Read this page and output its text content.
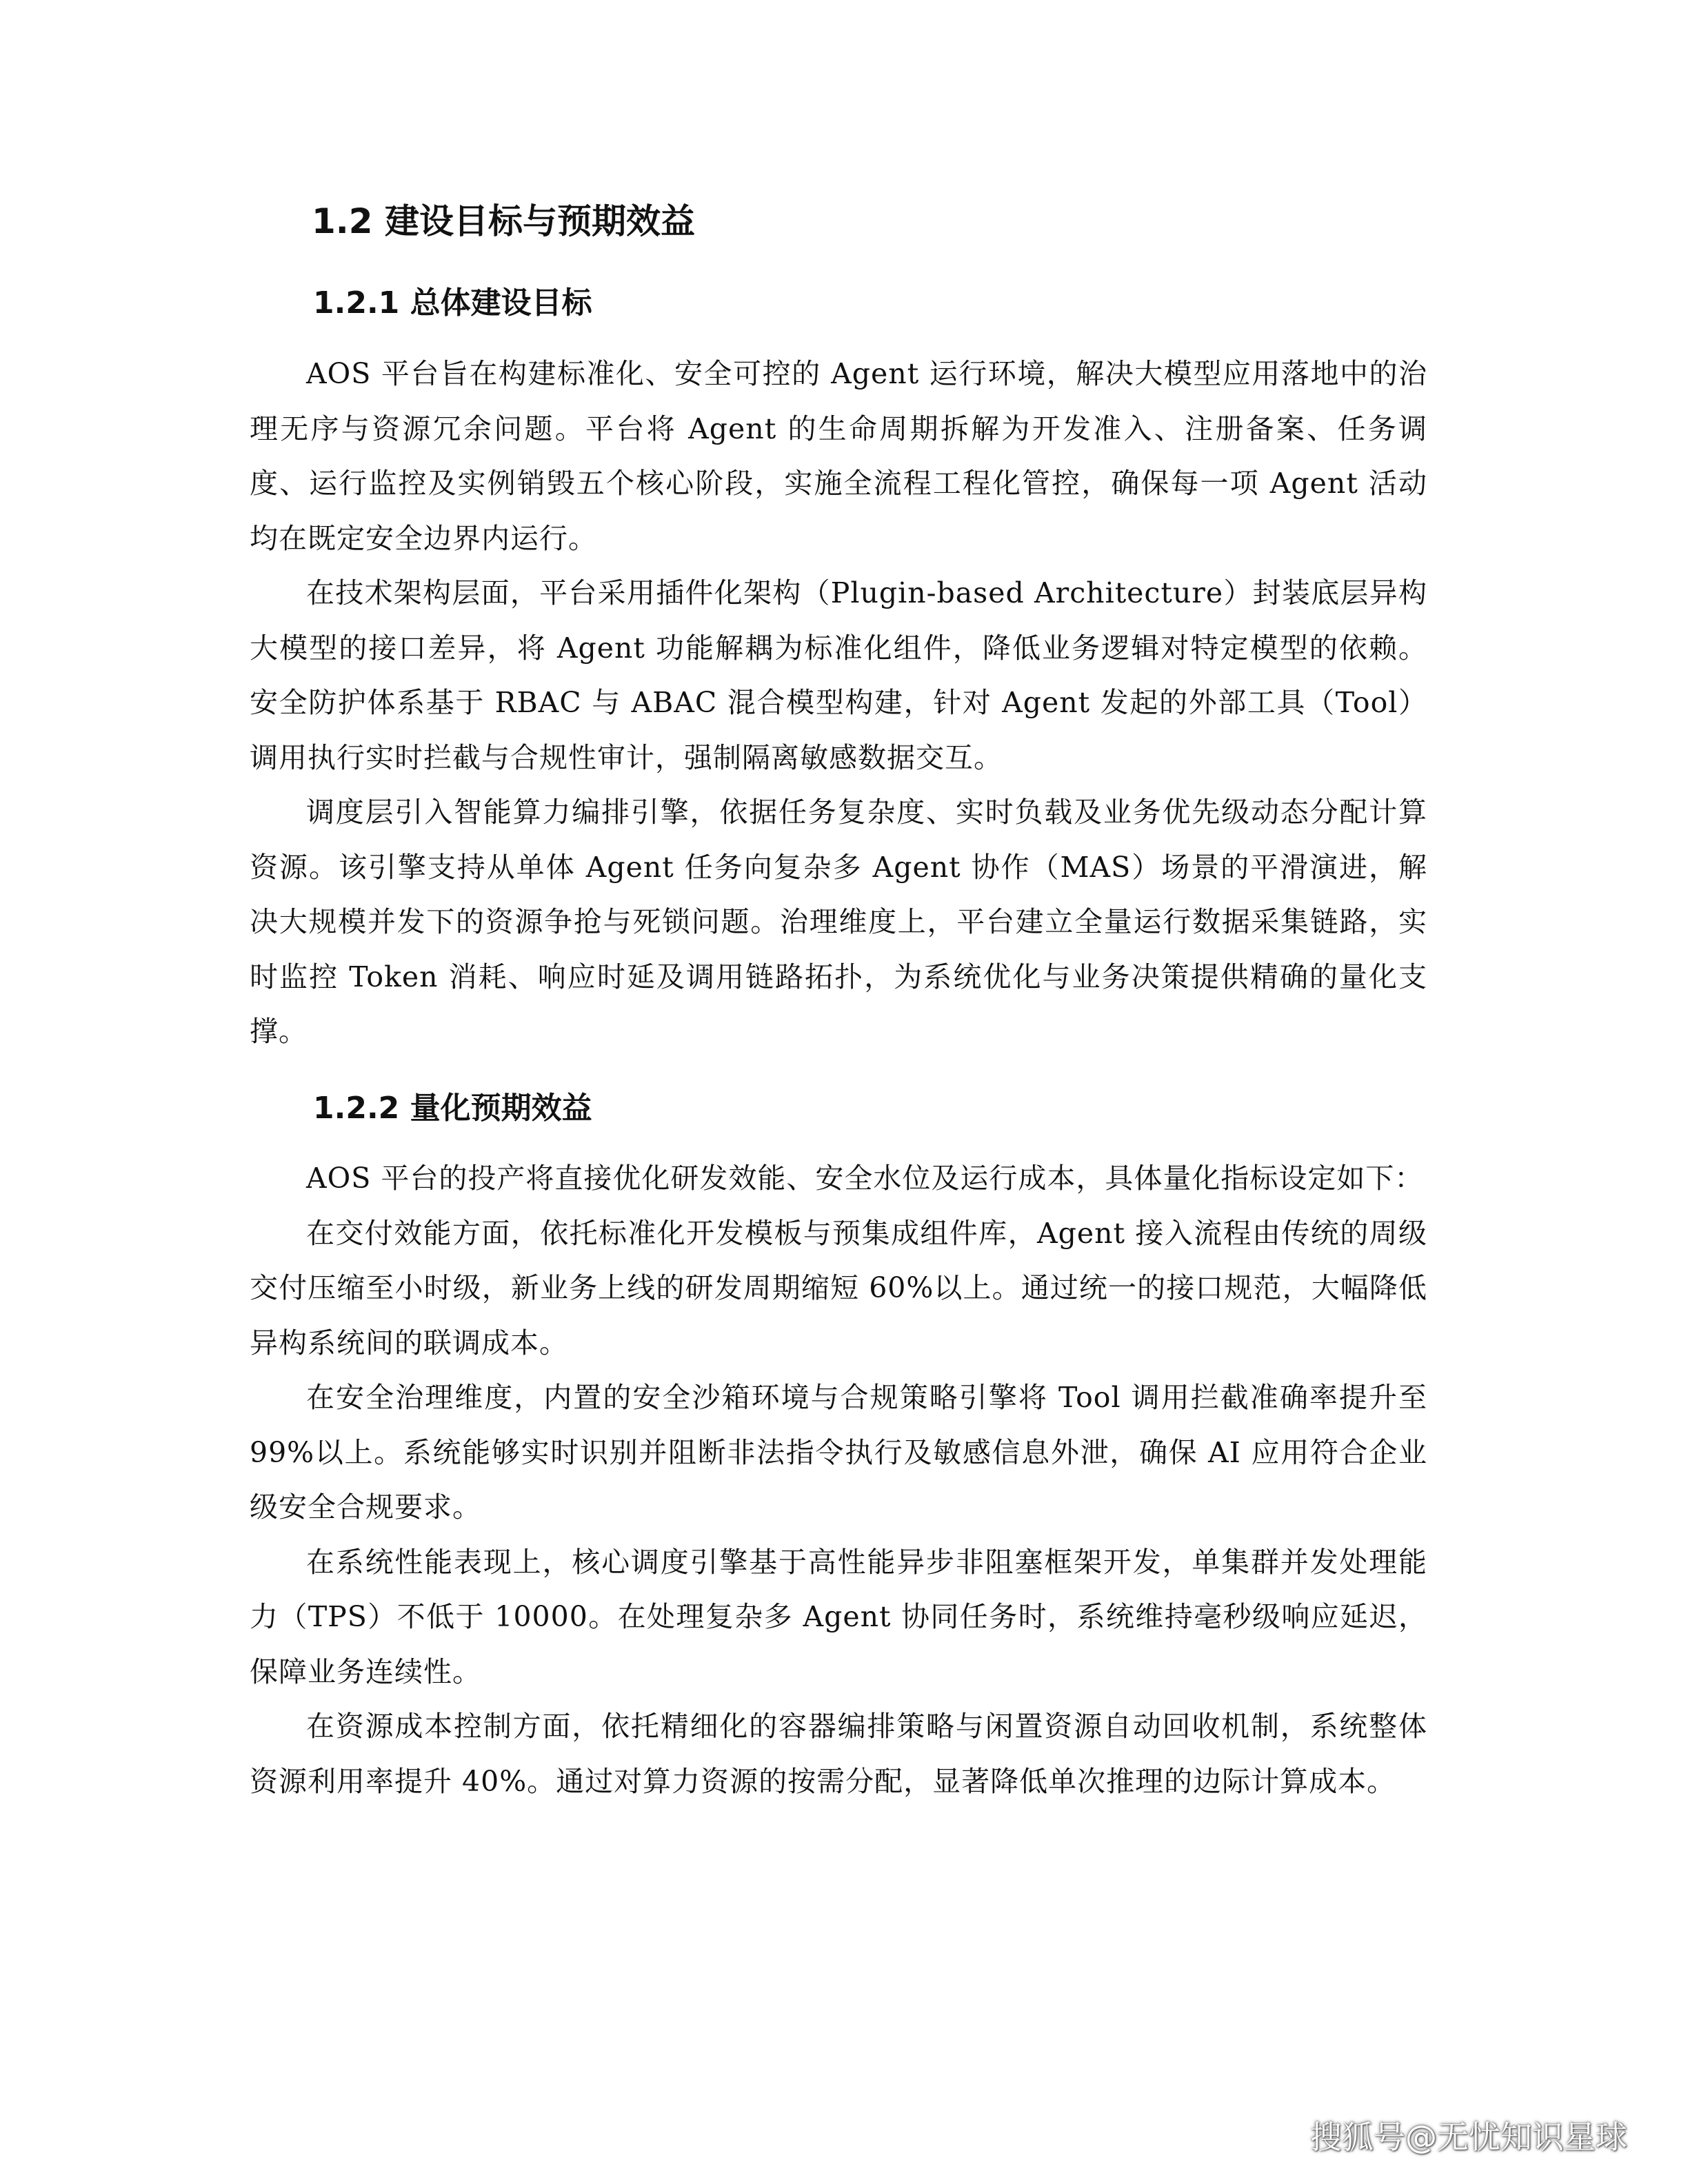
1.2 建设目标与预期效益
1.2.1 总体建设目标

AOS 平台旨在构建标准化、安全可控的 Agent 运行环境，解决大模型应用落地中的治理无序与资源冗余问题。平台将 Agent 的生命周期拆解为开发准入、注册备案、任务调度、运行监控及实例销毁五个核心阶段，实施全流程工程化管控，确保每一项 Agent 活动均在既定安全边界内运行。

在技术架构层面，平台采用插件化架构（Plugin-based Architecture）封装底层异构大模型的接口差异，将 Agent 功能解耦为标准化组件，降低业务逻辑对特定模型的依赖。安全防护体系基于 RBAC 与 ABAC 混合模型构建，针对 Agent 发起的外部工具（Tool）调用执行实时拦截与合规性审计，强制隔离敏感数据交互。

调度层引入智能算力编排引擎，依据任务复杂度、实时负载及业务优先级动态分配计算资源。该引擎支持从单体 Agent 任务向复杂多 Agent 协作（MAS）场景的平滑演进，解决大规模并发下的资源争抢与死锁问题。治理维度上，平台建立全量运行数据采集链路，实时监控 Token 消耗、响应时延及调用链路拓扑，为系统优化与业务决策提供精确的量化支撑。

1.2.2 量化预期效益

AOS 平台的投产将直接优化研发效能、安全水位及运行成本，具体量化指标设定如下：

在交付效能方面，依托标准化开发模板与预集成组件库，Agent 接入流程由传统的周级交付压缩至小时级，新业务上线的研发周期缩短 60%以上。通过统一的接口规范，大幅降低异构系统间的联调成本。

在安全治理维度，内置的安全沙箱环境与合规策略引擎将 Tool 调用拦截准确率提升至 99%以上。系统能够实时识别并阻断非法指令执行及敏感信息外泄，确保 AI 应用符合企业级安全合规要求。

在系统性能表现上，核心调度引擎基于高性能异步非阻塞框架开发，单集群并发处理能力（TPS）不低于 10000。在处理复杂多 Agent 协同任务时，系统维持毫秒级响应延迟，保障业务连续性。

在资源成本控制方面，依托精细化的容器编排策略与闲置资源自动回收机制，系统整体资源利用率提升 40%。通过对算力资源的按需分配，显著降低单次推理的边际计算成本。

搜狐号@无忧知识星球
